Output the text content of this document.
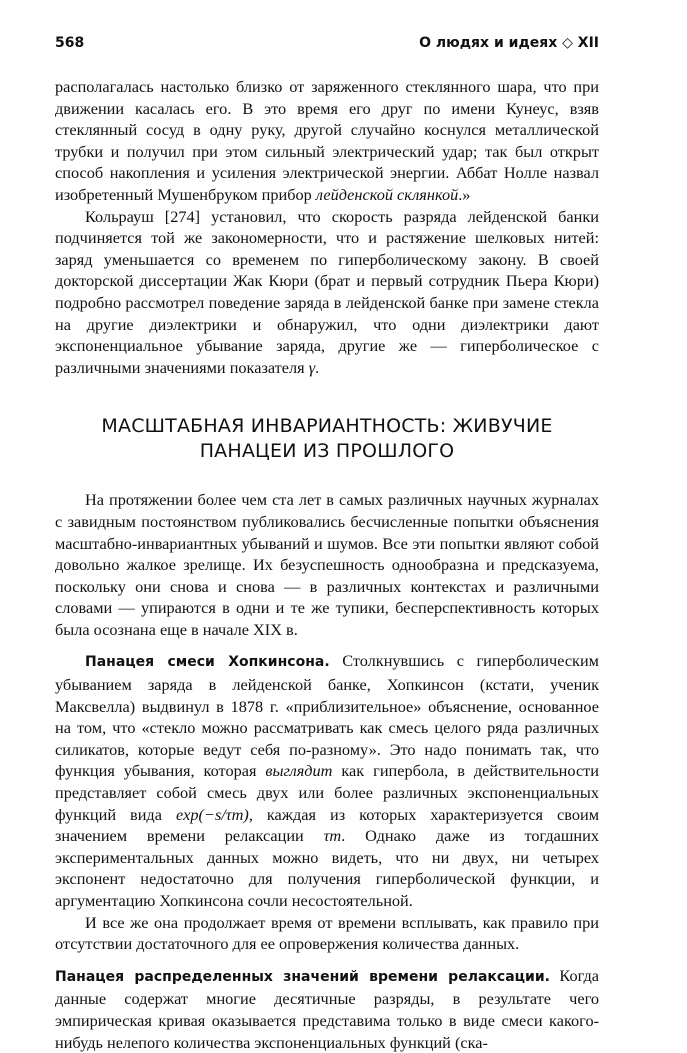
568	О людях и идеях ◇ XII

располагалась настолько близко от заряженного стеклянного шара, что при движении касалась его. В это время его друг по имени Кунеус, взяв стеклянный сосуд в одну руку, другой случайно коснулся металлической трубки и получил при этом сильный электрический удар; так был открыт способ накопления и усиления электрической энергии. Аббат Нолле назвал изобретенный Мушенбруком прибор лейденской склянкой.»

Кольрауш [274] установил, что скорость разряда лейденской банки подчиняется той же закономерности, что и растяжение шелковых нитей: заряд уменьшается со временем по гиперболическому закону. В своей докторской диссертации Жак Кюри (брат и первый сотрудник Пьера Кюри) подробно рассмотрел поведение заряда в лейденской банке при замене стекла на другие диэлектрики и обнаружил, что одни диэлектрики дают экспоненциальное убывание заряда, другие же — гиперболическое с различными значениями показателя γ.

МАСШТАБНАЯ ИНВАРИАНТНОСТЬ: ЖИВУЧИЕ
ПАНАЦЕИ ИЗ ПРОШЛОГО

На протяжении более чем ста лет в самых различных научных журналах с завидным постоянством публиковались бесчисленные попытки объяснения масштабно-инвариантных убываний и шумов. Все эти попытки являют собой довольно жалкое зрелище. Их безуспешность однообразна и предсказуема, поскольку они снова и снова — в различных контекстах и различными словами — упираются в одни и те же тупики, бесперспективность которых была осознана еще в начале XIX в.

Панацея смеси Хопкинсона. Столкнувшись с гиперболическим убыванием заряда в лейденской банке, Хопкинсон (кстати, ученик Максвелла) выдвинул в 1878 г. «приблизительное» объяснение, основанное на том, что «стекло можно рассматривать как смесь целого ряда различных силикатов, которые ведут себя по-разному». Это надо понимать так, что функция убывания, которая выглядит как гипербола, в действительности представляет собой смесь двух или более различных экспоненциальных функций вида exp(−s/τm), каждая из которых характеризуется своим значением времени релаксации τm. Однако даже из тогдашних экспериментальных данных можно видеть, что ни двух, ни четырех экспонент недостаточно для получения гиперболической функции, и аргументацию Хопкинсона сочли несостоятельной.

И все же она продолжает время от времени всплывать, как правило при отсутствии достаточного для ее опровержения количества данных.

Панацея распределенных значений времени релаксации. Когда данные содержат многие десятичные разряды, в результате чего эмпирическая кривая оказывается представима только в виде смеси какого-нибудь нелепого количества экспоненциальных функций (ска-
